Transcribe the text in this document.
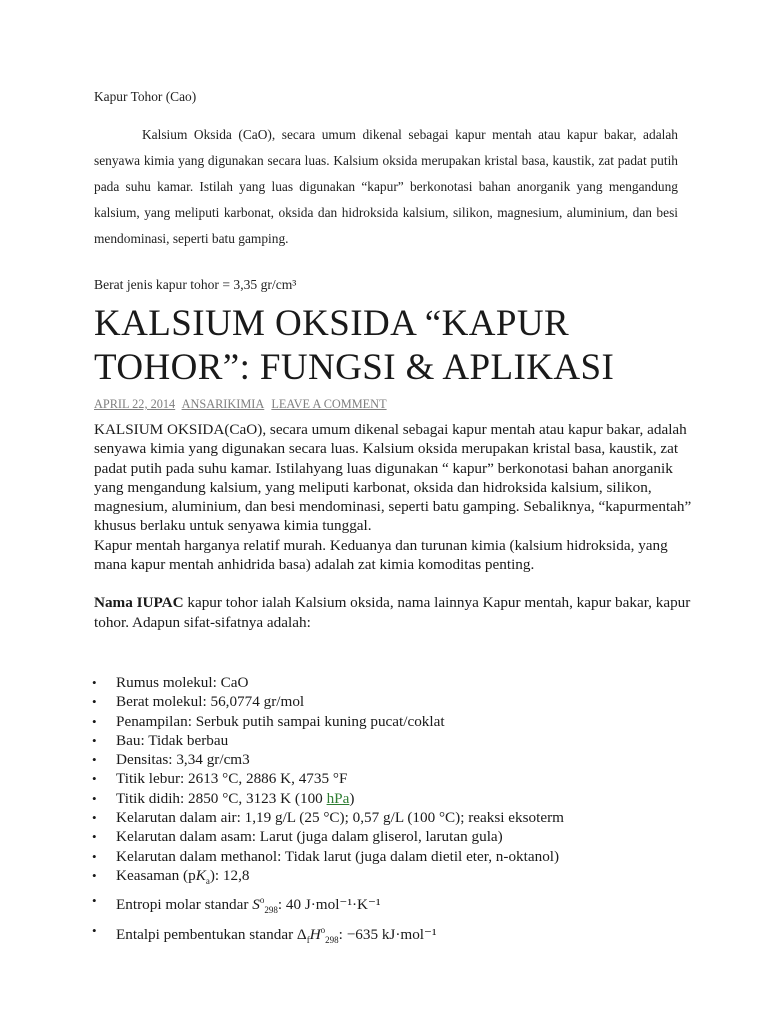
Kapur Tohor (Cao)
Kalsium Oksida (CaO), secara umum dikenal sebagai kapur mentah atau kapur bakar, adalah senyawa kimia yang digunakan secara luas. Kalsium oksida merupakan kristal basa, kaustik, zat padat putih pada suhu kamar. Istilah yang luas digunakan “kapur” berkonotasi bahan anorganik yang mengandung kalsium, yang meliputi karbonat, oksida dan hidroksida kalsium, silikon, magnesium, aluminium, dan besi mendominasi, seperti batu gamping.
Berat jenis kapur tohor = 3,35 gr/cm³
KALSIUM OKSIDA “KAPUR TOHOR”: FUNGSI & APLIKASI
APRIL 22, 2014 ANSARIKIMIA LEAVE A COMMENT

KALSIUM OKSIDA(CaO), secara umum dikenal sebagai kapur mentah atau kapur bakar, adalah senyawa kimia yang digunakan secara luas. Kalsium oksida merupakan kristal basa, kaustik, zat padat putih pada suhu kamar. Istilahyang luas digunakan “ kapur” berkonotasi bahan anorganik yang mengandung kalsium, yang meliputi karbonat, oksida dan hidroksida kalsium, silikon, magnesium, aluminium, dan besi mendominasi, seperti batu gamping. Sebaliknya, “kapurmentah” khusus berlaku untuk senyawa kimia tunggal.

Kapur mentah harganya relatif murah. Keduanya dan turunan kimia (kalsium hidroksida, yang mana kapur mentah anhidrida basa) adalah zat kimia komoditas penting.

Nama IUPAC kapur tohor ialah Kalsium oksida, nama lainnya Kapur mentah, kapur bakar, kapur tohor. Adapun sifat-sifatnya adalah:

• Rumus molekul: CaO
• Berat molekul: 56,0774 gr/mol
• Penampilan: Serbuk putih sampai kuning pucat/coklat
• Bau: Tidak berbau
• Densitas: 3,34 gr/cm3
• Titik lebur: 2613 °C, 2886 K, 4735 °F
• Titik didih: 2850 °C, 3123 K (100 hPa)
• Kelarutan dalam air: 1,19 g/L (25 °C); 0,57 g/L (100 °C); reaksi eksoterm
• Kelarutan dalam asam: Larut (juga dalam gliserol, larutan gula)
• Kelarutan dalam methanol: Tidak larut (juga dalam dietil eter, n-oktanol)
• Keasaman $(pK_a)$: 12,8
• Entropi molar standar $S^o_{298}$: 40 J·mol⁻¹·K⁻¹
• Entalpi pembentukan standar $\Delta_fH^o_{298}$: −635 kJ·mol⁻¹
